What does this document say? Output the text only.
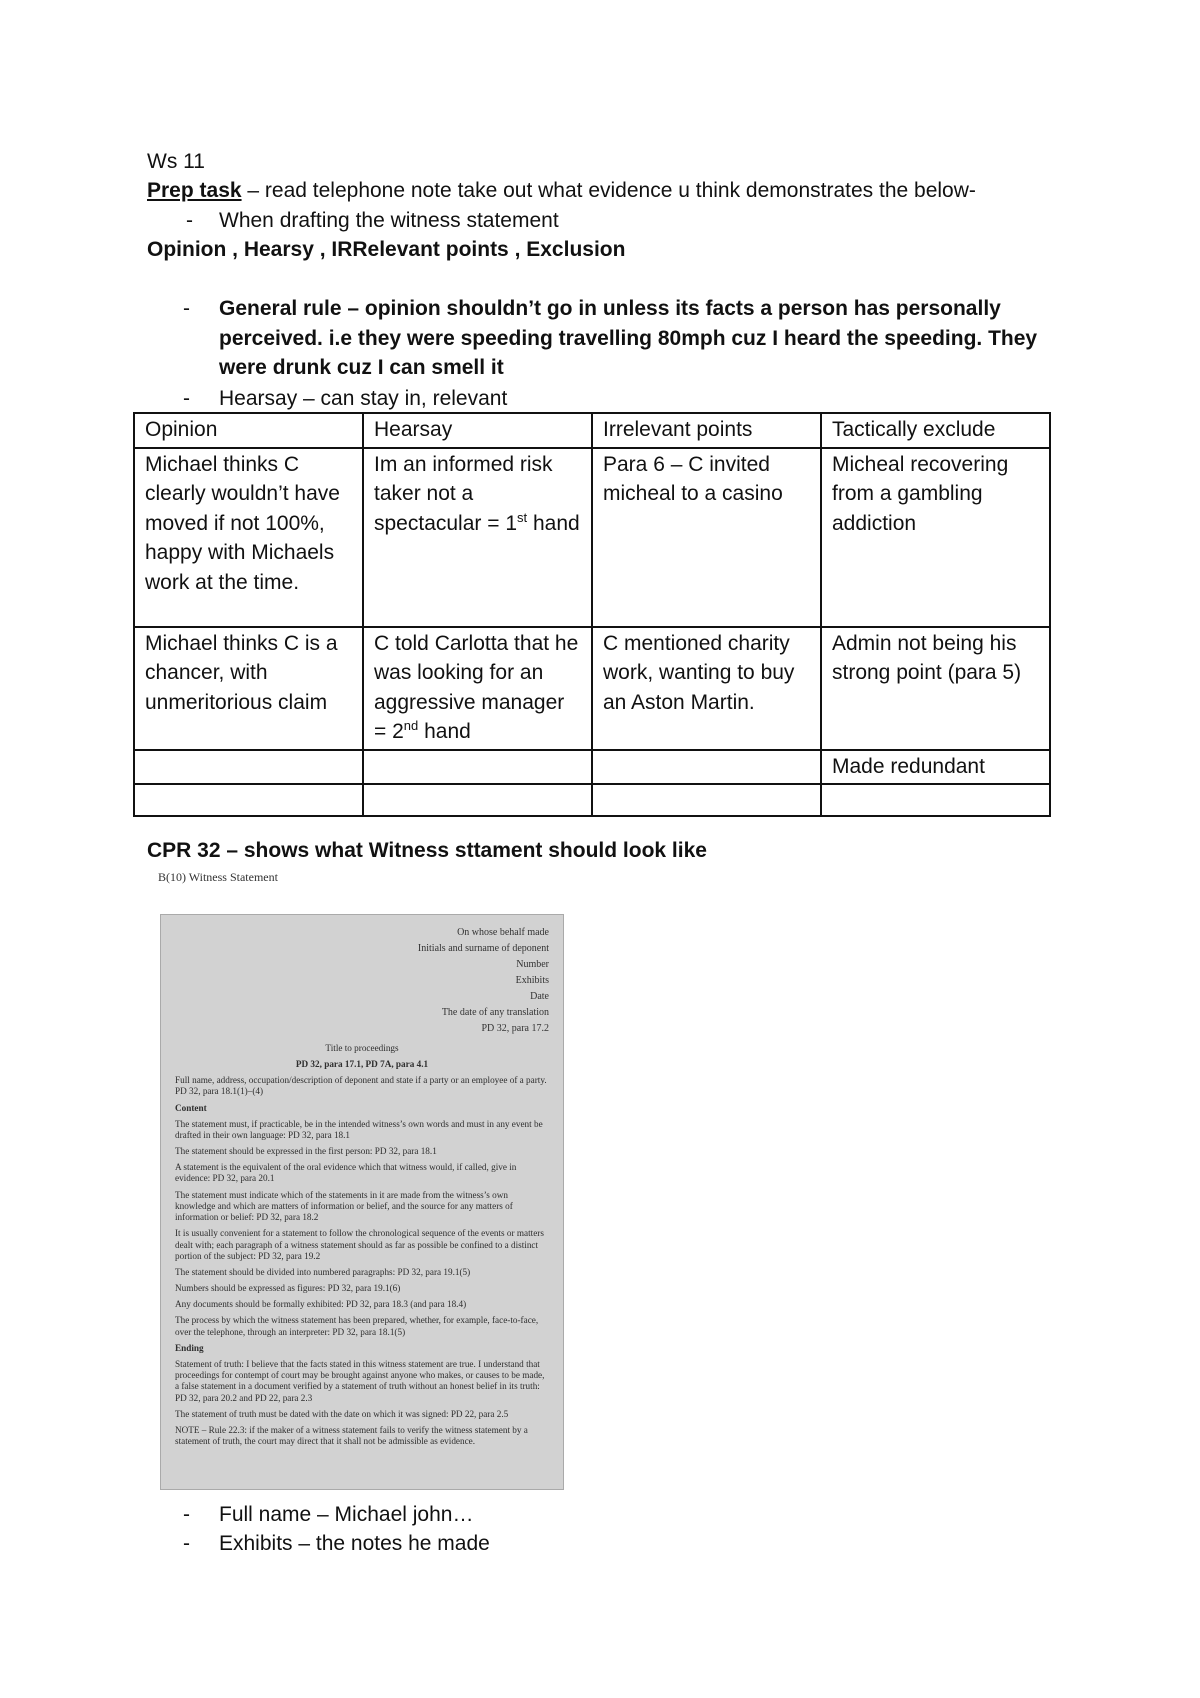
Ws 11
Prep task – read telephone note take out what evidence u think demonstrates the below-
- When drafting the witness statement
Opinion , Hearsy , IRRelevant points , Exclusion
- General rule – opinion shouldn’t go in unless its facts a person has personally perceived. i.e they were speeding travelling 80mph cuz I heard the speeding. They were drunk cuz I can smell it
- Hearsay – can stay in, relevant
Opinion	Hearsay	Irrelevant points	Tactically exclude
Michael thinks C clearly wouldn’t have moved if not 100%, happy with Michaels work at the time.	Im an informed risk taker not a spectacular = 1st hand	Para 6 – C invited micheal to a casino	Micheal recovering from a gambling addiction
Michael thinks C is a chancer, with unmeritorious claim	C told Carlotta that he was looking for an aggressive manager = 2nd hand	C mentioned charity work, wanting to buy an Aston Martin.	Admin not being his strong point (para 5)
			Made redundant

CPR 32 – shows what Witness sttament should look like
B(10) Witness Statement
On whose behalf made
Initials and surname of deponent
Number
Exhibits
Date
The date of any translation
PD 32, para 17.2

Title to proceedings

PD 32, para 17.1, PD 7A, para 4.1

Full name, address, occupation/description of deponent and state if a party or an employee of a party. PD 32, para 18.1(1)–(4)

Content

The statement must, if practicable, be in the intended witness’s own words and must in any event be drafted in their own language: PD 32, para 18.1

The statement should be expressed in the first person: PD 32, para 18.1

A statement is the equivalent of the oral evidence which that witness would, if called, give in evidence: PD 32, para 20.1

The statement must indicate which of the statements in it are made from the witness’s own knowledge and which are matters of information or belief, and the source for any matters of information or belief: PD 32, para 18.2

It is usually convenient for a statement to follow the chronological sequence of the events or matters dealt with; each paragraph of a witness statement should as far as possible be confined to a distinct portion of the subject: PD 32, para 19.2

The statement should be divided into numbered paragraphs: PD 32, para 19.1(5)

Numbers should be expressed as figures: PD 32, para 19.1(6)

Any documents should be formally exhibited: PD 32, para 18.3 (and para 18.4)

The process by which the witness statement has been prepared, whether, for example, face-to-face, over the telephone, through an interpreter: PD 32, para 18.1(5)

Ending

Statement of truth: I believe that the facts stated in this witness statement are true. I understand that proceedings for contempt of court may be brought against anyone who makes, or causes to be made, a false statement in a document verified by a statement of truth without an honest belief in its truth: PD 32, para 20.2 and PD 22, para 2.3

The statement of truth must be dated with the date on which it was signed: PD 22, para 2.5

NOTE – Rule 22.3: if the maker of a witness statement fails to verify the witness statement by a statement of truth, the court may direct that it shall not be admissible as evidence.

- Full name – Michael john…
- Exhibits – the notes he made
